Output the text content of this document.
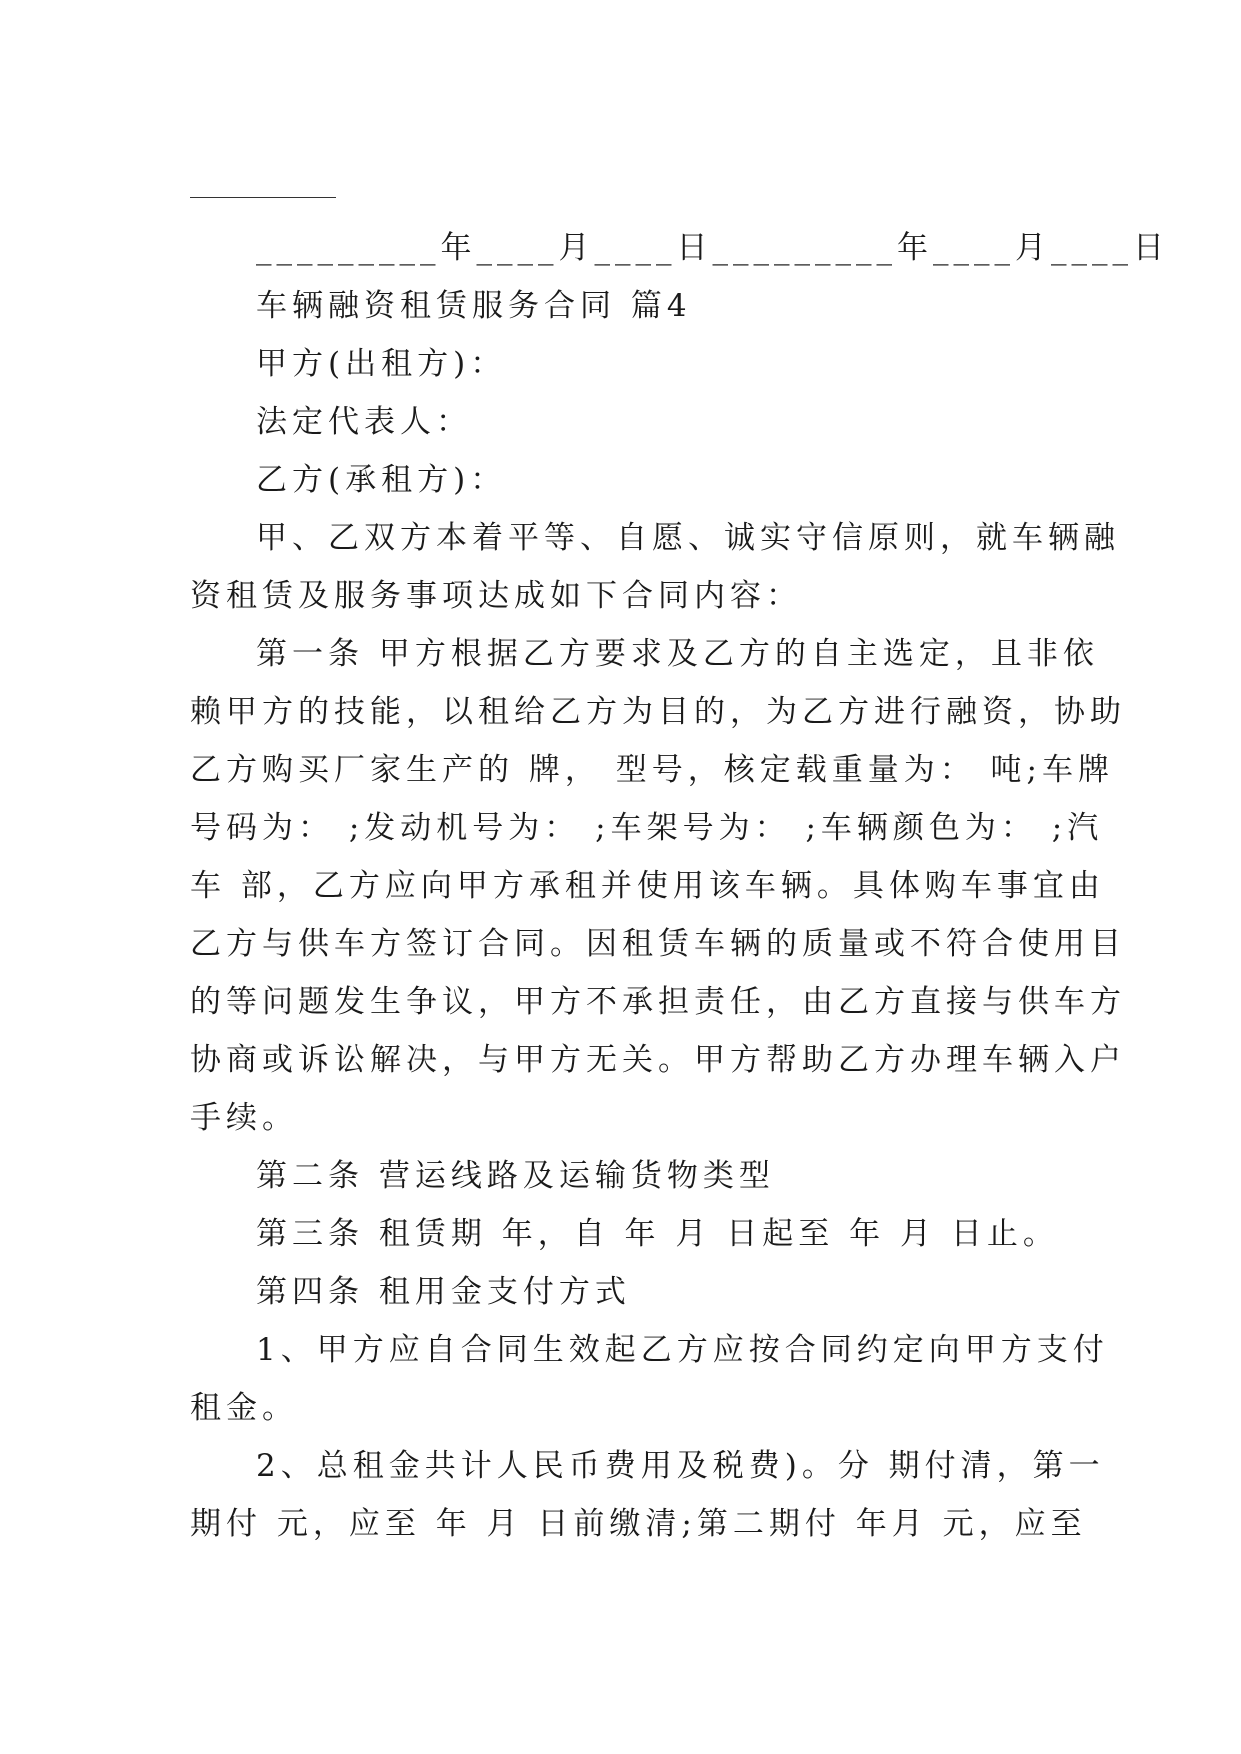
_________年____月____日_________年____月____日
车辆融资租赁服务合同 篇4
甲方(出租方)：
法定代表人：
乙方(承租方)：
甲、乙双方本着平等、自愿、诚实守信原则，就车辆融
资租赁及服务事项达成如下合同内容：
第一条 甲方根据乙方要求及乙方的自主选定，且非依
赖甲方的技能，以租给乙方为目的，为乙方进行融资，协助
乙方购买厂家生产的 牌， 型号，核定载重量为： 吨;车牌
号码为： ;发动机号为： ;车架号为： ;车辆颜色为： ;汽
车 部，乙方应向甲方承租并使用该车辆。具体购车事宜由
乙方与供车方签订合同。因租赁车辆的质量或不符合使用目
的等问题发生争议，甲方不承担责任，由乙方直接与供车方
协商或诉讼解决，与甲方无关。甲方帮助乙方办理车辆入户
手续。
第二条 营运线路及运输货物类型
第三条 租赁期 年，自 年 月 日起至 年 月 日止。
第四条 租用金支付方式
1、甲方应自合同生效起乙方应按合同约定向甲方支付
租金。
2、总租金共计人民币费用及税费)。分 期付清，第一
期付 元，应至 年 月 日前缴清;第二期付 年月 元，应至
